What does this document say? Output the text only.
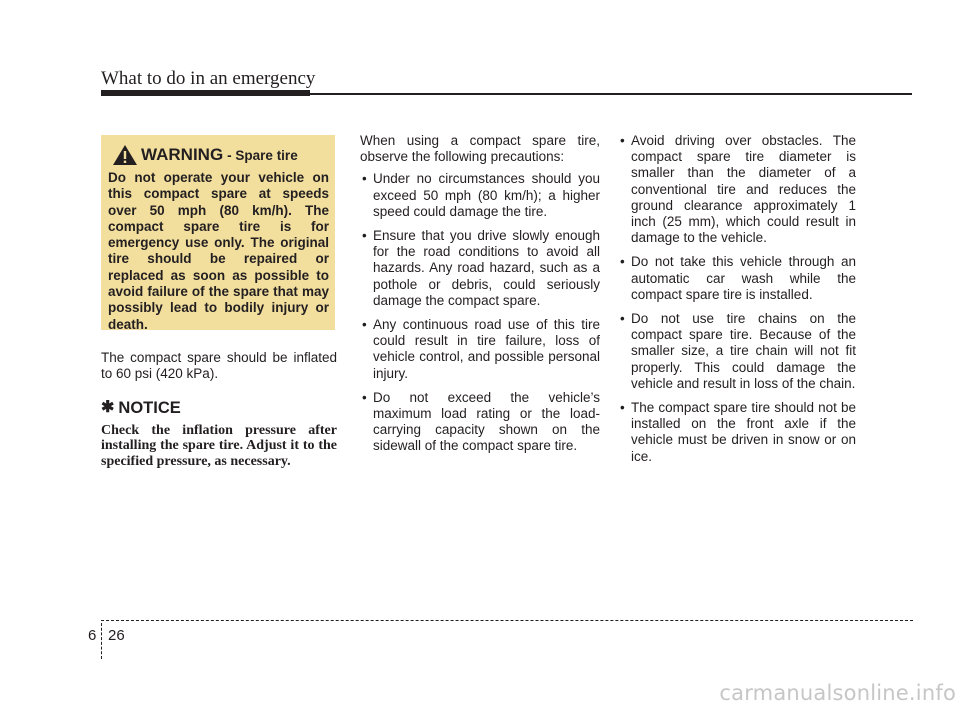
What to do in an emergency
WARNING - Spare tire
Do not operate your vehicle on this compact spare at speeds over 50 mph (80 km/h). The compact spare tire is for emergency use only. The original tire should be repaired or replaced as soon as possible to avoid failure of the spare that may possibly lead to bodily injury or death.
The compact spare should be inflated to 60 psi (420 kPa).
✱ NOTICE
Check the inflation pressure after installing the spare tire. Adjust it to the specified pressure, as necessary.
When using a compact spare tire, observe the following precautions:
• Under no circumstances should you exceed 50 mph (80 km/h); a higher speed could damage the tire.
• Ensure that you drive slowly enough for the road conditions to avoid all hazards. Any road hazard, such as a pothole or debris, could seriously damage the compact spare.
• Any continuous road use of this tire could result in tire failure, loss of vehicle control, and possible personal injury.
• Do not exceed the vehicle’s maximum load rating or the load-carrying capacity shown on the sidewall of the compact spare tire.
• Avoid driving over obstacles. The compact spare tire diameter is smaller than the diameter of a conventional tire and reduces the ground clearance approximately 1 inch (25 mm), which could result in damage to the vehicle.
• Do not take this vehicle through an automatic car wash while the compact spare tire is installed.
• Do not use tire chains on the compact spare tire. Because of the smaller size, a tire chain will not fit properly. This could damage the vehicle and result in loss of the chain.
• The compact spare tire should not be installed on the front axle if the vehicle must be driven in snow or on ice.
6 26
carmanualsonline.info
